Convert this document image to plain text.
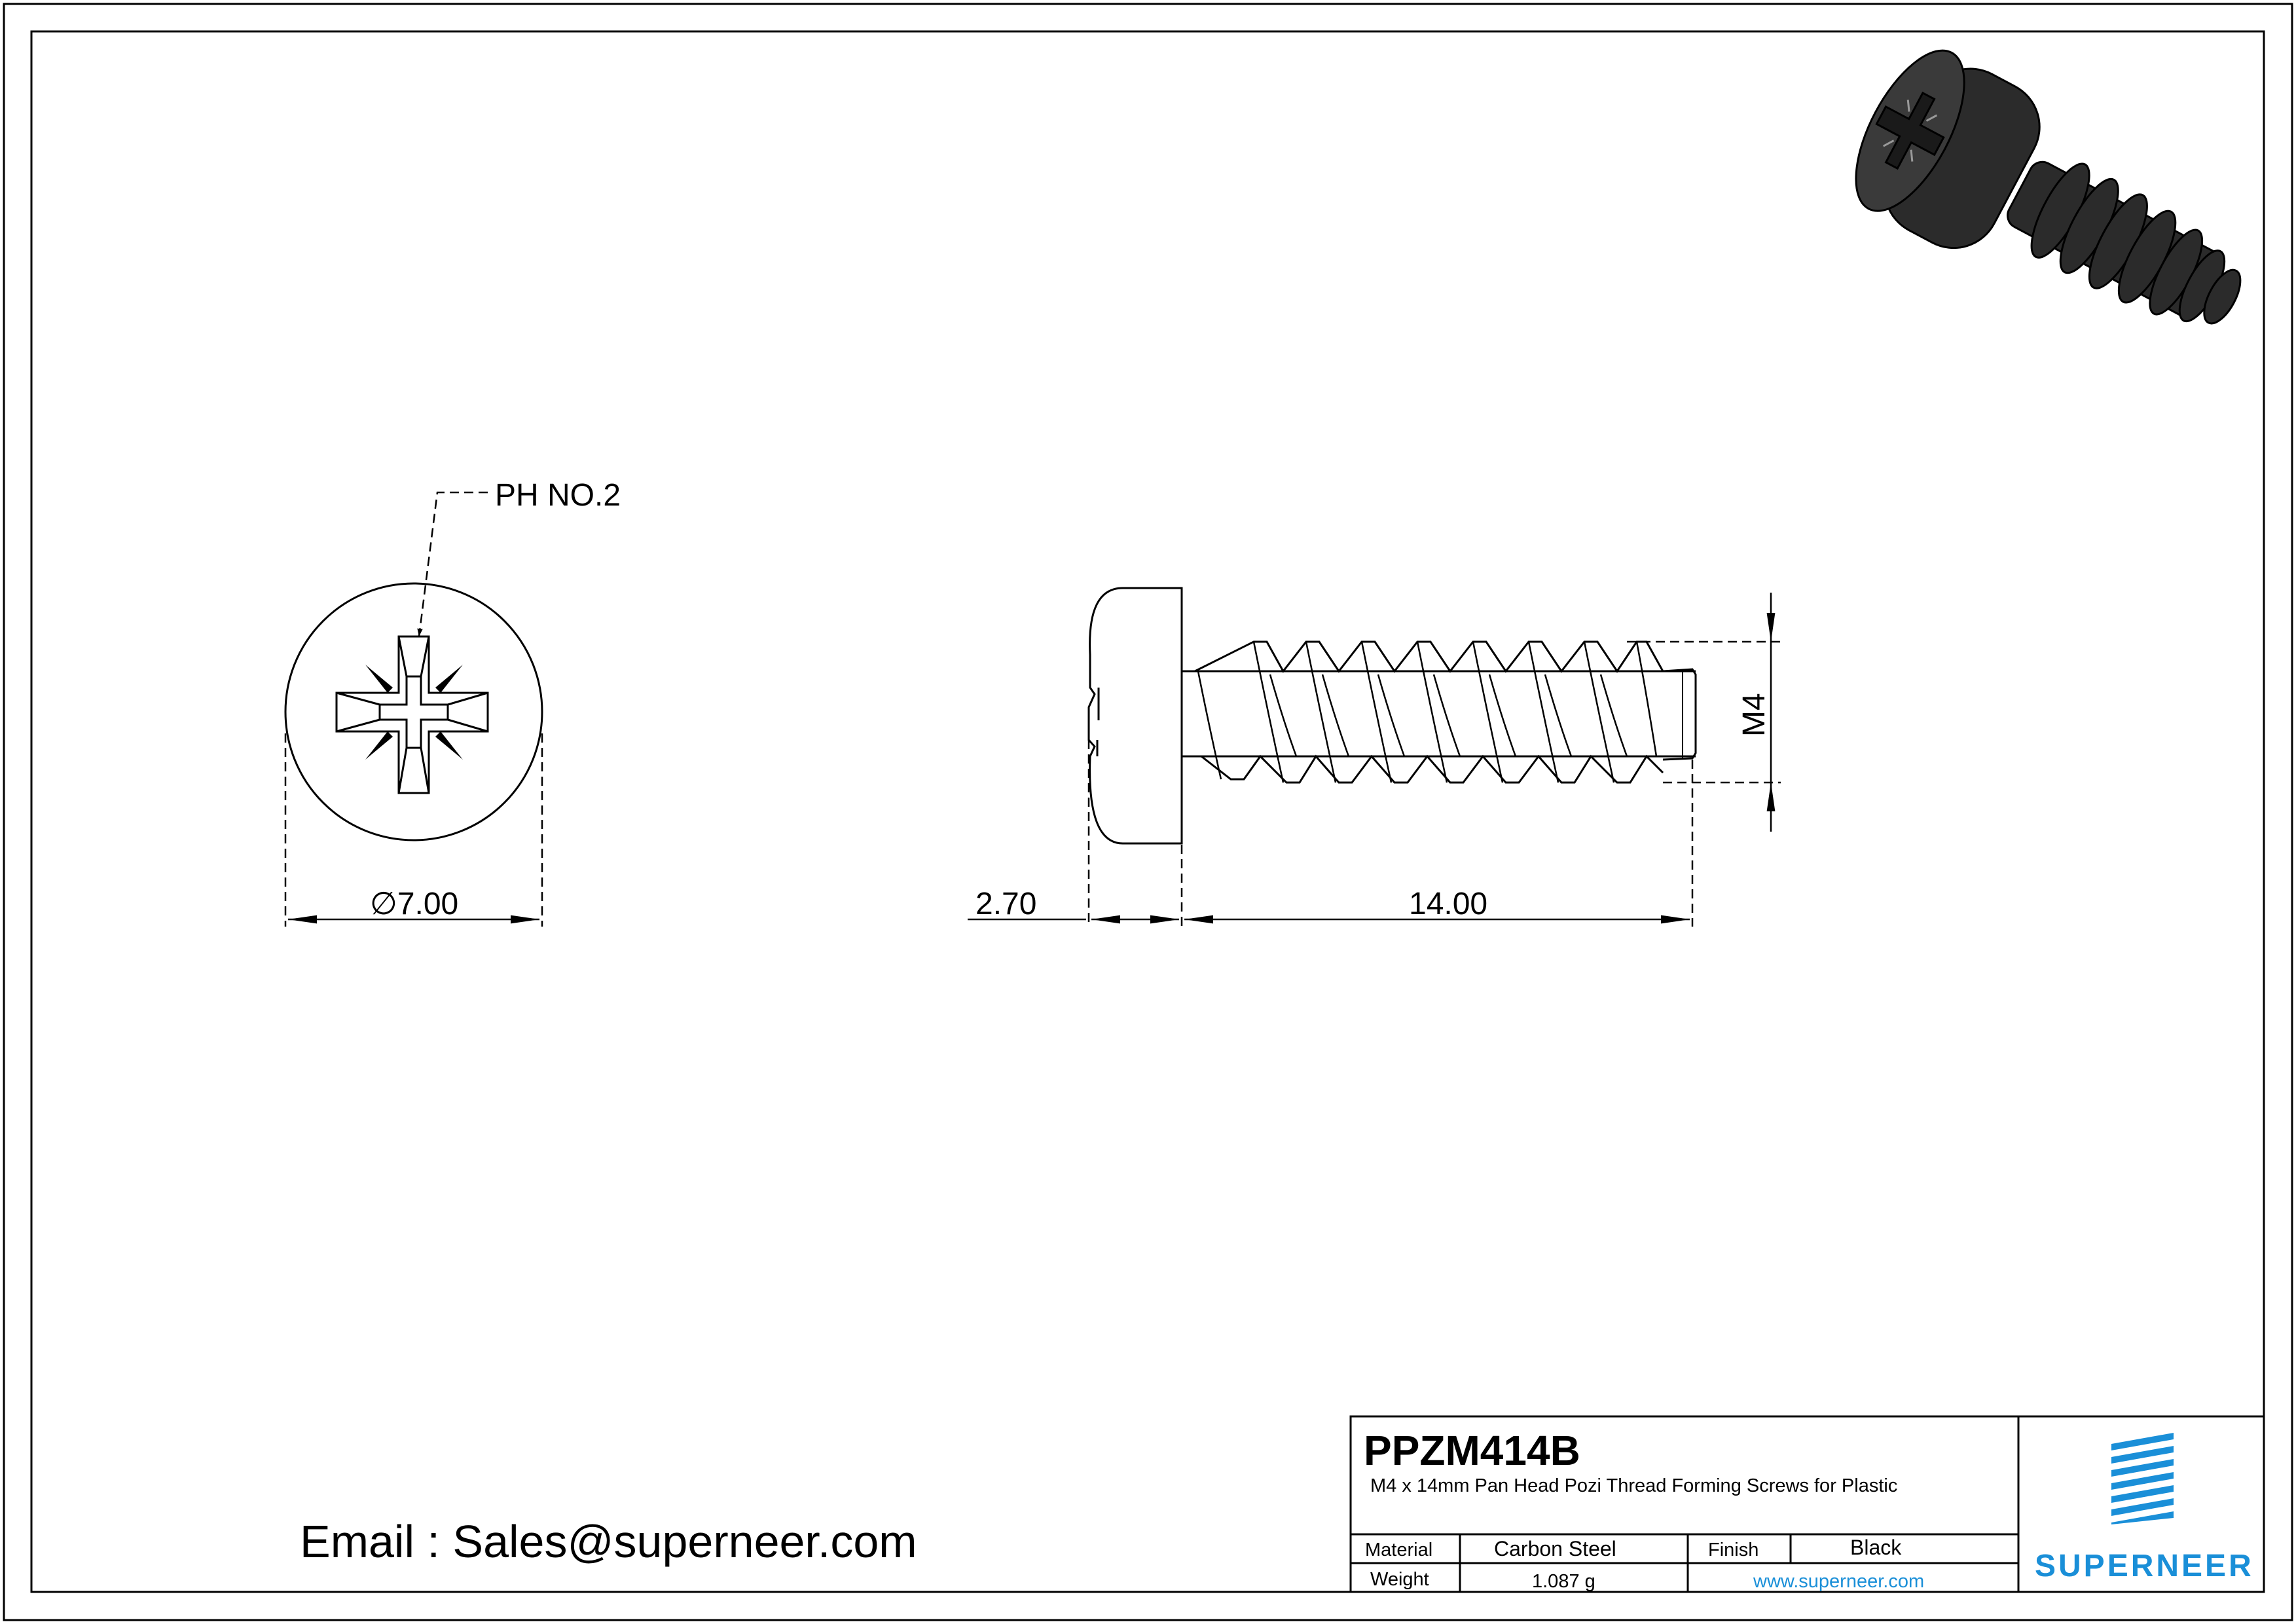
PH NO.2
∅7.00
M4
2.70	14.00
Email : Sales@superneer.com
PPZM414B
M4 x 14mm Pan Head Pozi Thread Forming Screws for Plastic
Material	Carbon Steel	Finish	Black
Weight	1.087 g	www.superneer.com	SUPERNEER
